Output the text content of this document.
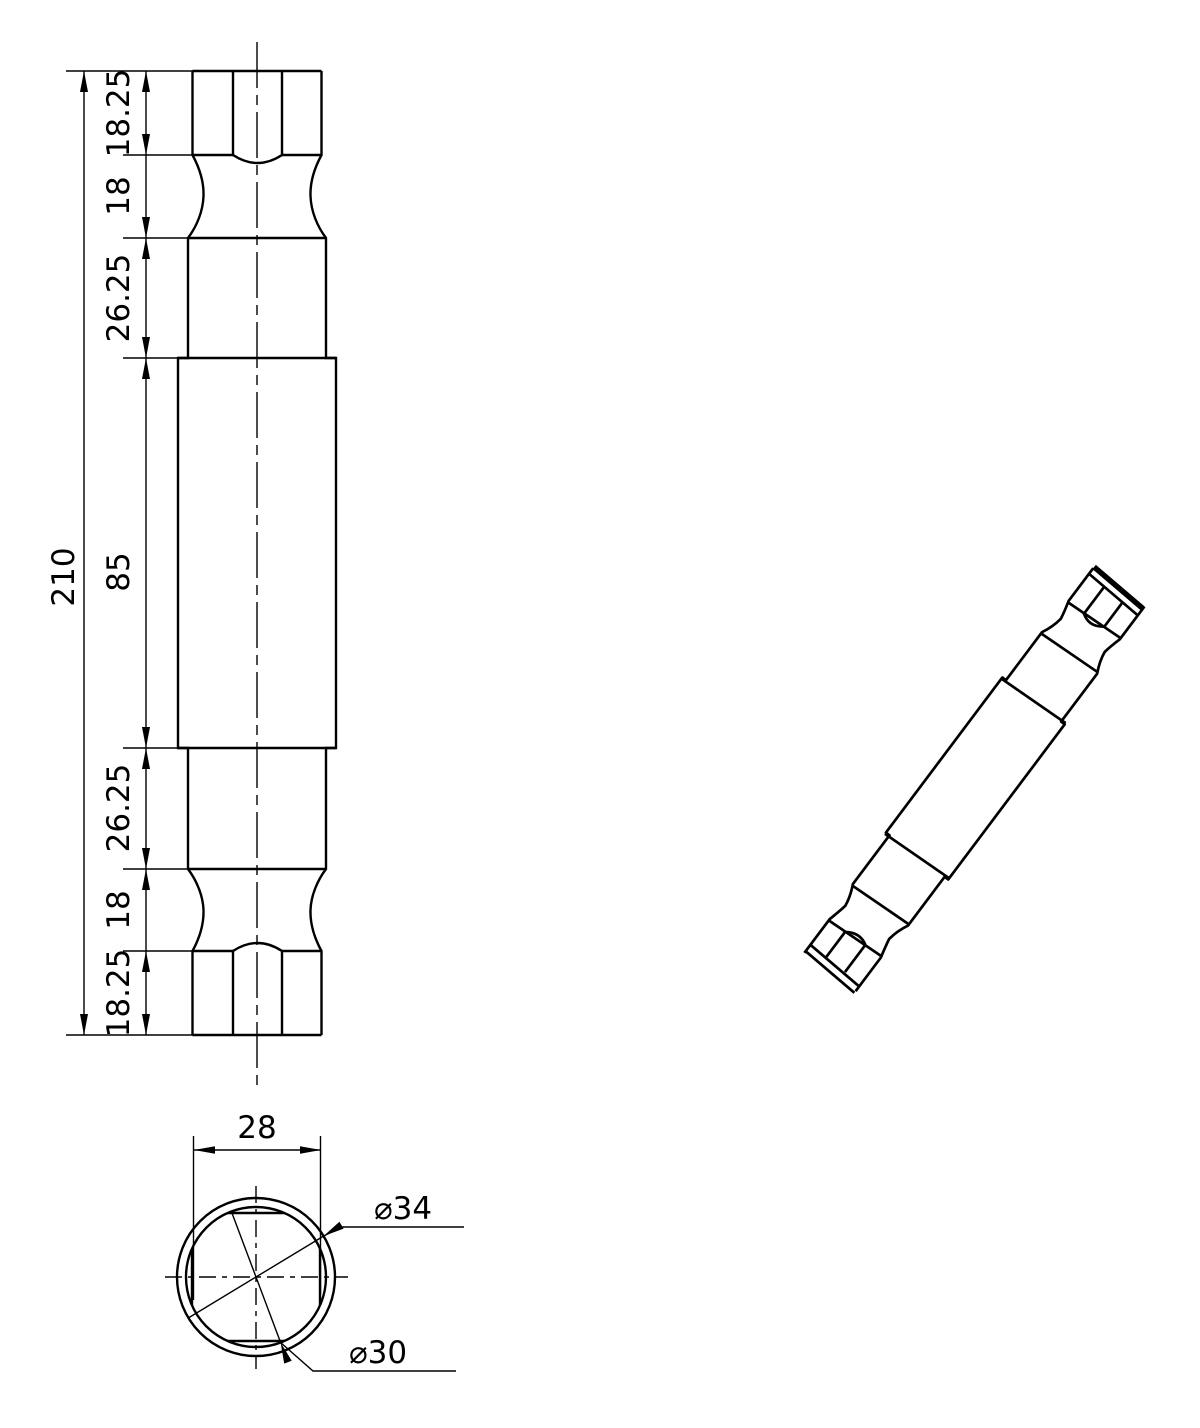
210
18.25
18
26.25
85
26.25
18
18.25
28
⌀34
⌀30
